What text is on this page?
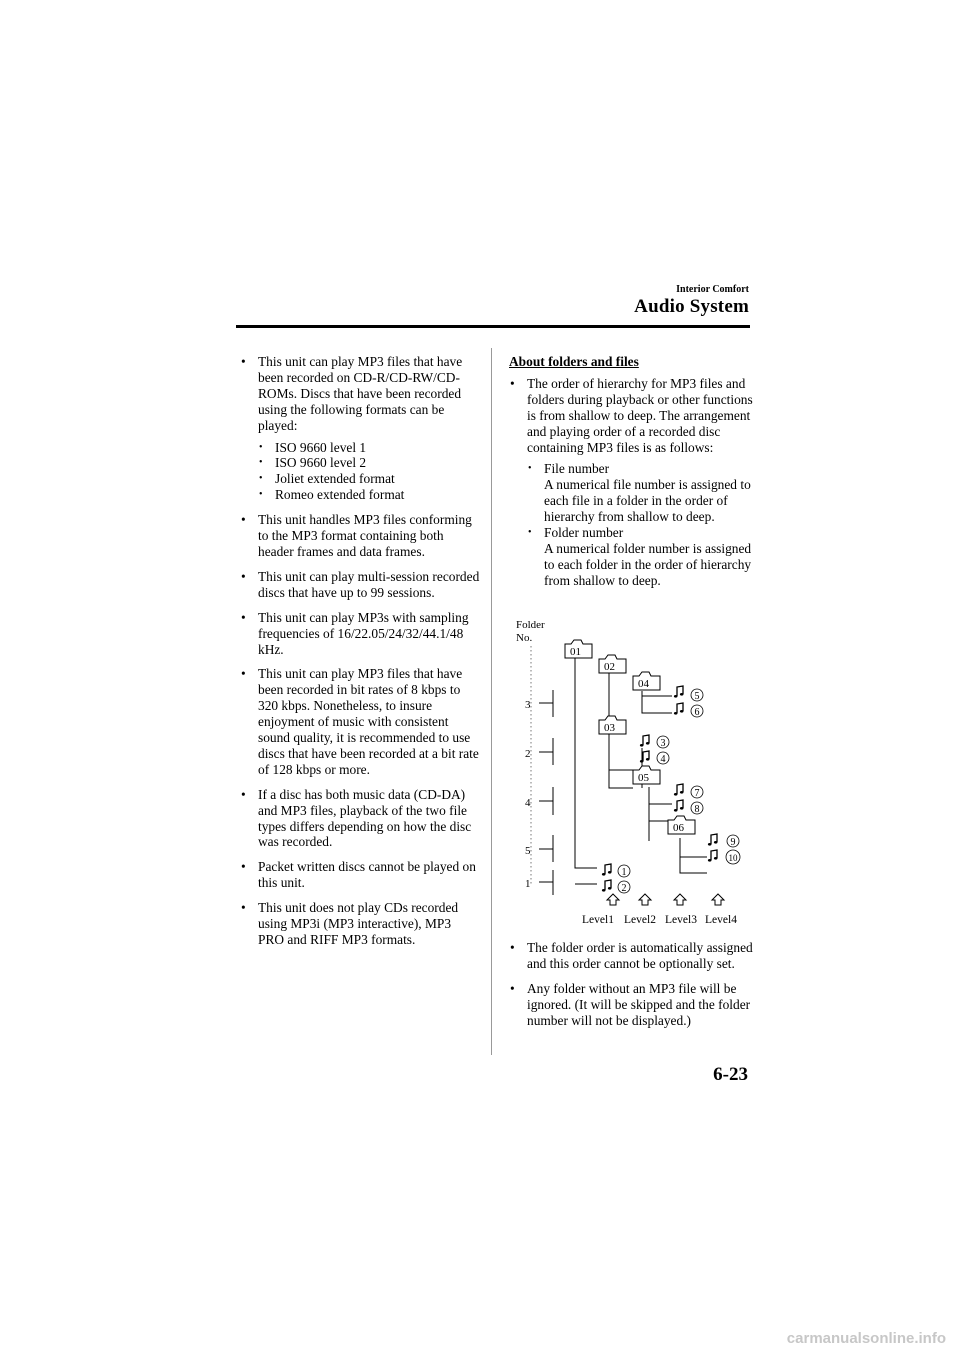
Interior Comfort
Audio System
• This unit can play MP3 files that have been recorded on CD-R/CD-RW/CD-ROMs. Discs that have been recorded using the following formats can be played:
• ISO 9660 level 1
• ISO 9660 level 2
• Joliet extended format
• Romeo extended format
• This unit handles MP3 files conforming to the MP3 format containing both header frames and data frames.
• This unit can play multi-session recorded discs that have up to 99 sessions.
• This unit can play MP3s with sampling frequencies of 16/22.05/24/32/44.1/48 kHz.
• This unit can play MP3 files that have been recorded in bit rates of 8 kbps to 320 kbps. Nonetheless, to insure enjoyment of music with consistent sound quality, it is recommended to use discs that have been recorded at a bit rate of 128 kbps or more.
• If a disc has both music data (CD-DA) and MP3 files, playback of the two file types differs depending on how the disc was recorded.
• Packet written discs cannot be played on this unit.
• This unit does not play CDs recorded using MP3i (MP3 interactive), MP3 PRO and RIFF MP3 formats.
About folders and files
• The order of hierarchy for MP3 files and folders during playback or other functions is from shallow to deep. The arrangement and playing order of a recorded disc containing MP3 files is as follows:
• File number
A numerical file number is assigned to each file in a folder in the order of hierarchy from shallow to deep.
• Folder number
A numerical folder number is assigned to each folder in the order of hierarchy from shallow to deep.
Folder
No.
3
2
4
5
1
01
02
04
03
05
06
1
2
3
4
5
6
7
8
9
10
Level1 Level2 Level3 Level4
• The folder order is automatically assigned and this order cannot be optionally set.
• Any folder without an MP3 file will be ignored. (It will be skipped and the folder number will not be displayed.)
6-23
carmanualsonline.info
